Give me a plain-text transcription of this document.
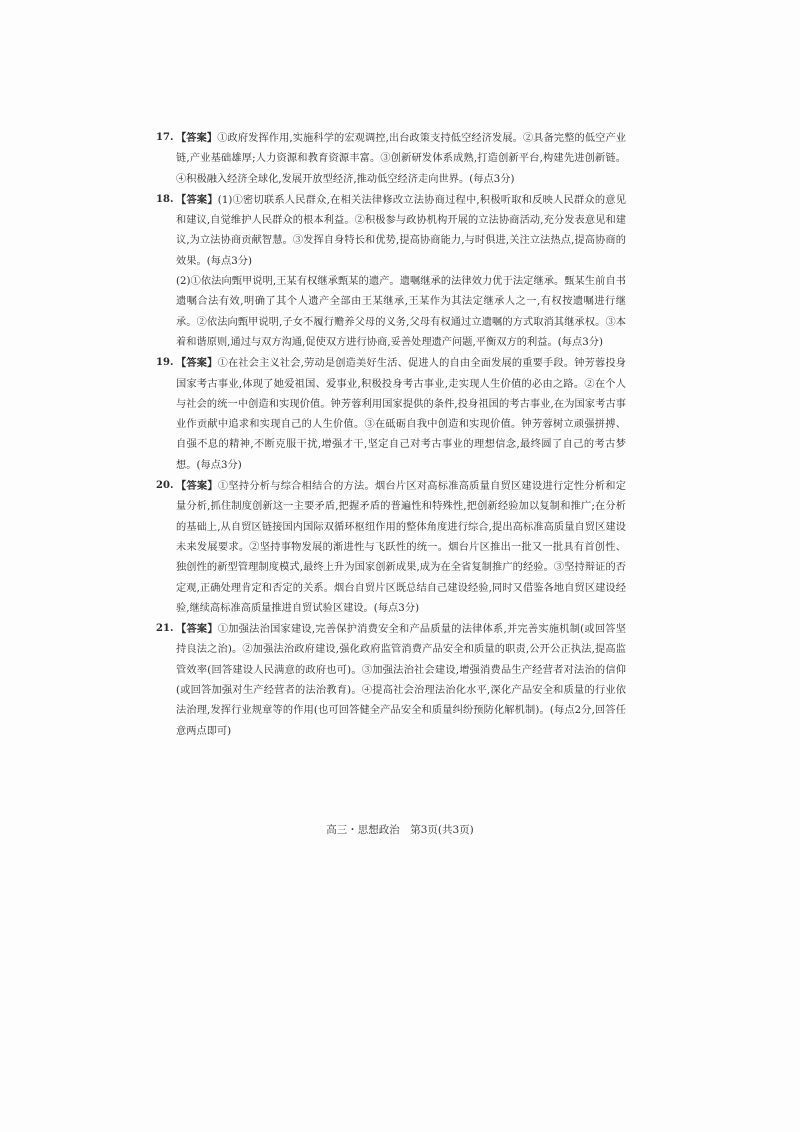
17. 【答案】①政府发挥作用,实施科学的宏观调控,出台政策支持低空经济发展。②具备完整的低空产业链,产业基础雄厚;人力资源和教育资源丰富。③创新研发体系成熟,打造创新平台,构建先进创新链。④积极融入经济全球化,发展开放型经济,推动低空经济走向世界。(每点3分)
18. 【答案】(1)①密切联系人民群众,在相关法律修改立法协商过程中,积极听取和反映人民群众的意见和建议,自觉维护人民群众的根本利益。②积极参与政协机构开展的立法协商活动,充分发表意见和建议,为立法协商贡献智慧。③发挥自身特长和优势,提高协商能力,与时俱进,关注立法热点,提高协商的效果。(每点3分)
(2)①依法向甄甲说明,王某有权继承甄某的遗产。遗嘱继承的法律效力优于法定继承。甄某生前自书遗嘱合法有效,明确了其个人遗产全部由王某继承,王某作为其法定继承人之一,有权按遗嘱进行继承。②依法向甄甲说明,子女不履行赡养父母的义务,父母有权通过立遗嘱的方式取消其继承权。③本着和谐原则,通过与双方沟通,促使双方进行协商,妥善处理遗产问题,平衡双方的利益。(每点3分)
19. 【答案】①在社会主义社会,劳动是创造美好生活、促进人的自由全面发展的重要手段。钟芳蓉投身国家考古事业,体现了她爱祖国、爱事业,积极投身考古事业,走实现人生价值的必由之路。②在个人与社会的统一中创造和实现价值。钟芳蓉利用国家提供的条件,投身祖国的考古事业,在为国家考古事业作贡献中追求和实现自己的人生价值。③在砥砺自我中创造和实现价值。钟芳蓉树立顽强拼搏、自强不息的精神,不断克服干扰,增强才干,坚定自己对考古事业的理想信念,最终圆了自己的考古梦想。(每点3分)
20. 【答案】①坚持分析与综合相结合的方法。烟台片区对高标准高质量自贸区建设进行定性分析和定量分析,抓住制度创新这一主要矛盾,把握矛盾的普遍性和特殊性,把创新经验加以复制和推广;在分析的基础上,从自贸区链接国内国际双循环枢纽作用的整体角度进行综合,提出高标准高质量自贸区建设未来发展要求。②坚持事物发展的渐进性与飞跃性的统一。烟台片区推出一批又一批具有首创性、独创性的新型管理制度模式,最终上升为国家创新成果,成为在全省复制推广的经验。③坚持辩证的否定观,正确处理肯定和否定的关系。烟台自贸片区既总结自己建设经验,同时又借鉴各地自贸区建设经验,继续高标准高质量推进自贸试验区建设。(每点3分)
21. 【答案】①加强法治国家建设,完善保护消费安全和产品质量的法律体系,并完善实施机制(或回答坚持良法之治)。②加强法治政府建设,强化政府监管消费产品安全和质量的职责,公开公正执法,提高监管效率(回答建设人民满意的政府也可)。③加强法治社会建设,增强消费品生产经营者对法治的信仰(或回答加强对生产经营者的法治教育)。④提高社会治理法治化水平,深化产品安全和质量的行业依法治理,发挥行业规章等的作用(也可回答健全产品安全和质量纠纷预防化解机制)。(每点2分,回答任意两点即可)
高三・思想政治　第3页(共3页)
